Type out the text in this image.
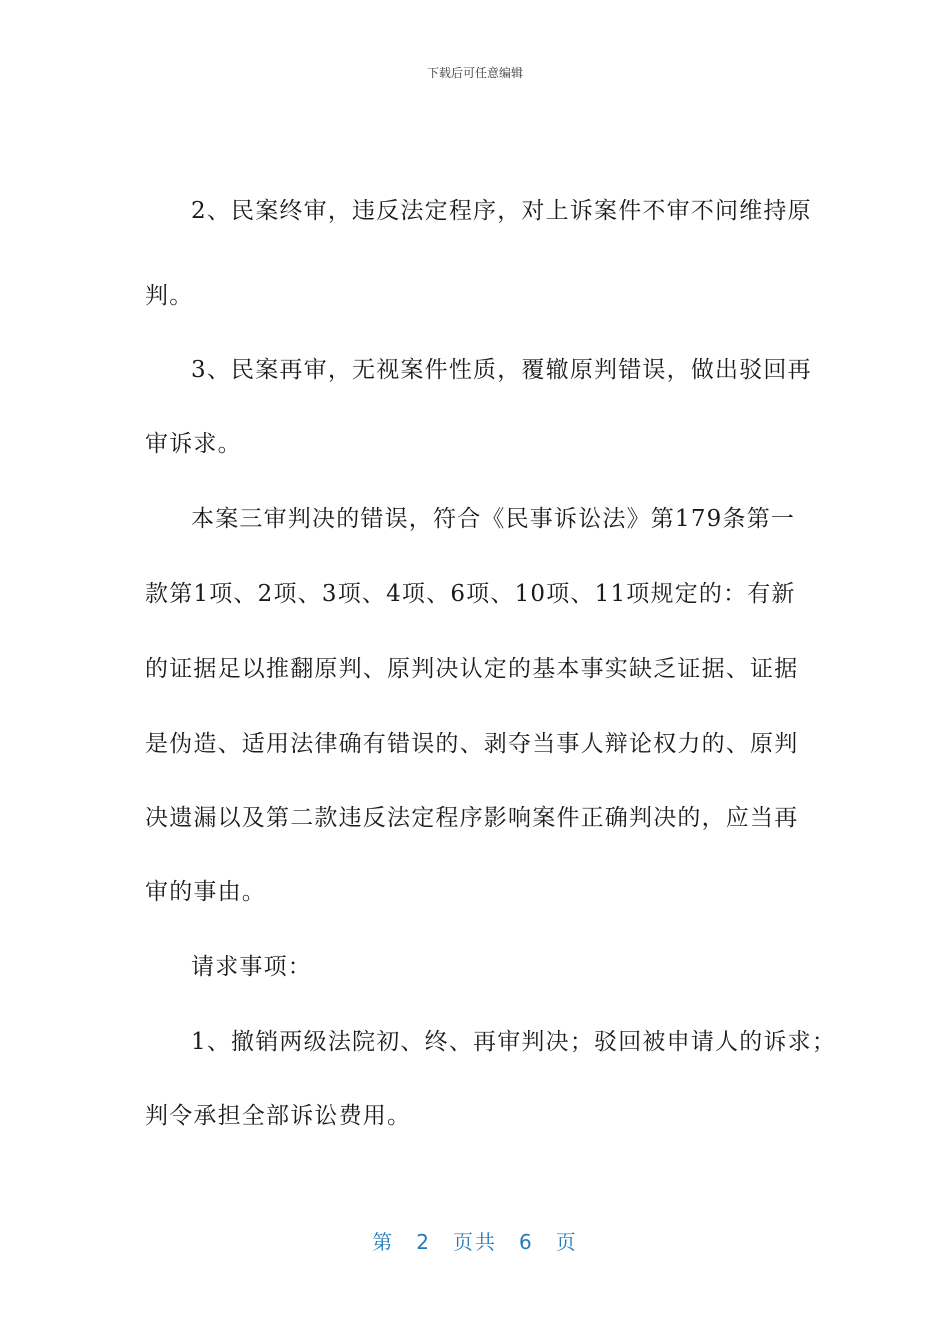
下载后可任意编辑
2、民案终审，违反法定程序，对上诉案件不审不问维持原
判。
3、民案再审，无视案件性质，覆辙原判错误，做出驳回再
审诉求。
本案三审判决的错误，符合《民事诉讼法》第179条第一
款第1项、2项、3项、4项、6项、10项、11项规定的：有新
的证据足以推翻原判、原判决认定的基本事实缺乏证据、证据
是伪造、适用法律确有错误的、剥夺当事人辩论权力的、原判
决遗漏以及第二款违反法定程序影响案件正确判决的，应当再
审的事由。
请求事项：
1、撤销两级法院初、终、再审判决；驳回被申请人的诉求；
判令承担全部诉讼费用。
第 2 页共 6 页
